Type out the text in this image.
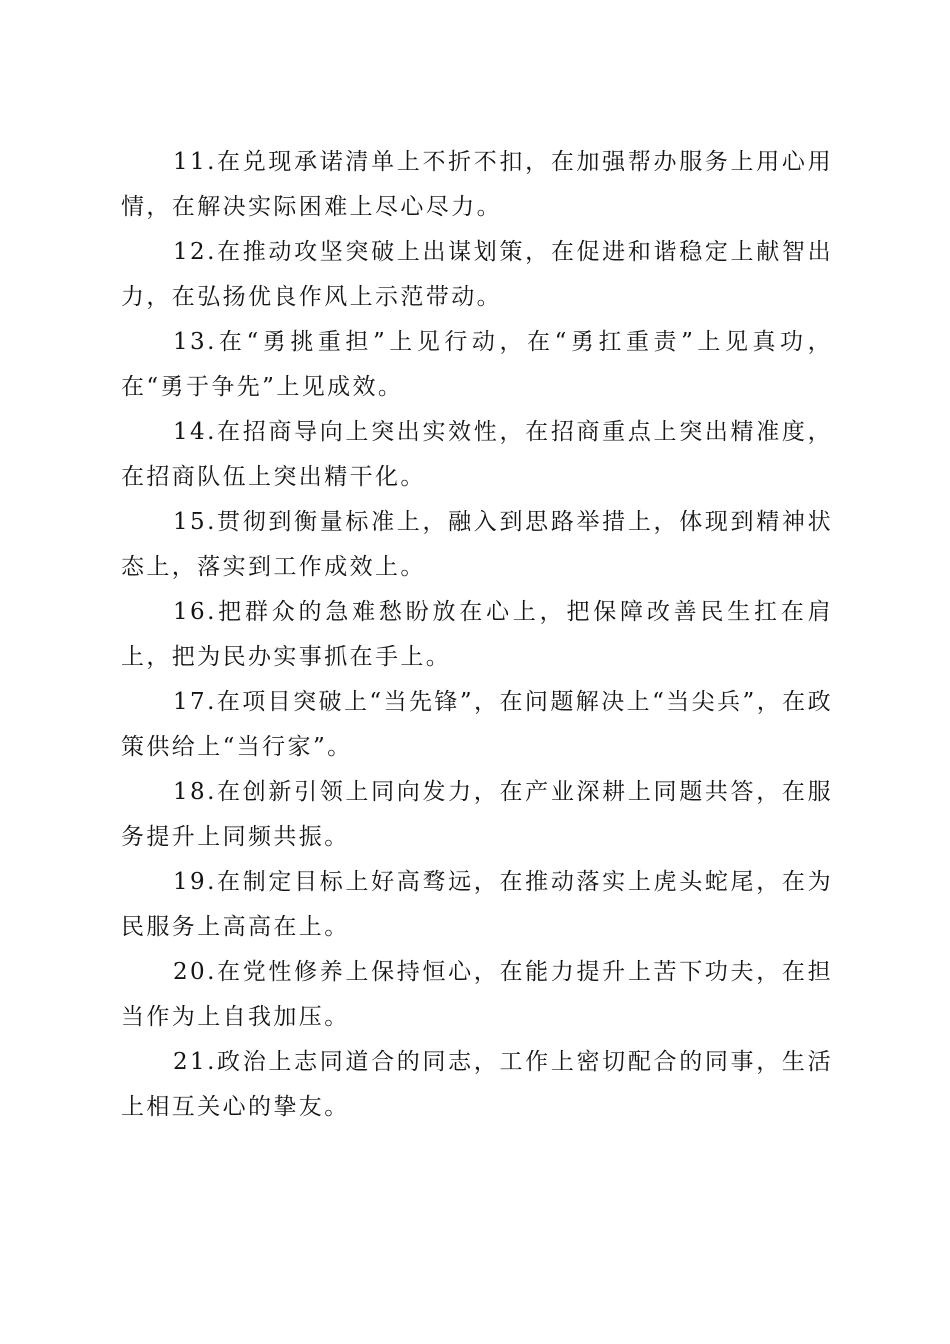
11.在兑现承诺清单上不折不扣，在加强帮办服务上用心用情，在解决实际困难上尽心尽力。

12.在推动攻坚突破上出谋划策，在促进和谐稳定上献智出力，在弘扬优良作风上示范带动。

13.在“勇挑重担”上见行动，在“勇扛重责”上见真功，在“勇于争先”上见成效。

14.在招商导向上突出实效性，在招商重点上突出精准度，在招商队伍上突出精干化。

15.贯彻到衡量标准上，融入到思路举措上，体现到精神状态上，落实到工作成效上。

16.把群众的急难愁盼放在心上，把保障改善民生扛在肩上，把为民办实事抓在手上。

17.在项目突破上“当先锋”，在问题解决上“当尖兵”，在政策供给上“当行家”。

18.在创新引领上同向发力，在产业深耕上同题共答，在服务提升上同频共振。

19.在制定目标上好高骛远，在推动落实上虎头蛇尾，在为民服务上高高在上。

20.在党性修养上保持恒心，在能力提升上苦下功夫，在担当作为上自我加压。

21.政治上志同道合的同志，工作上密切配合的同事，生活上相互关心的挚友。
